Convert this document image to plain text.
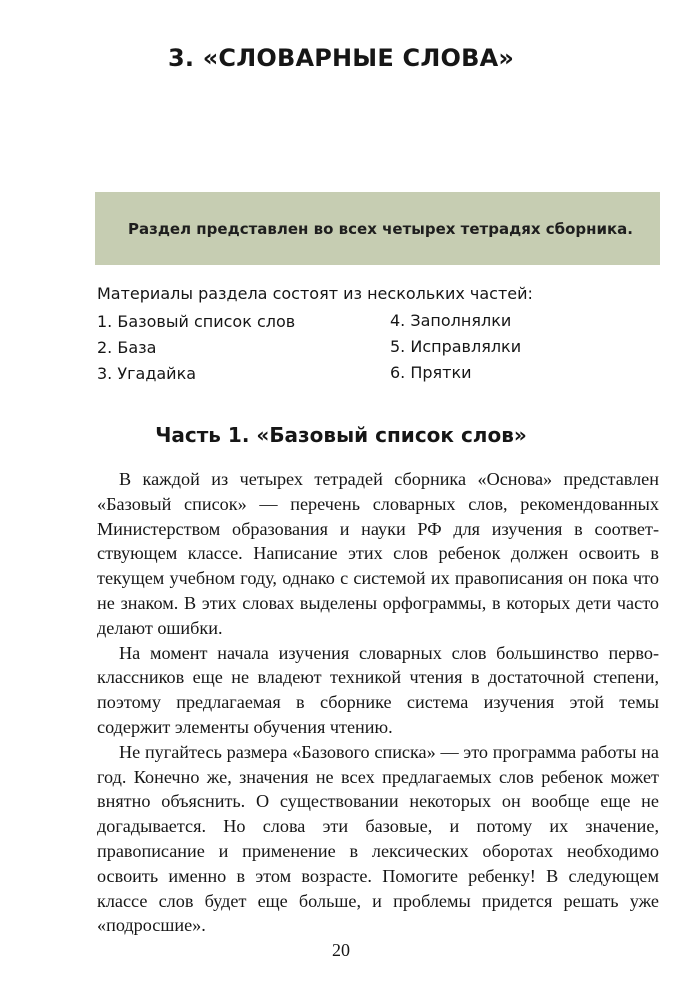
3. «СЛОВАРНЫЕ СЛОВА»
Раздел представлен во всех четырех тетрадях сборника.

Материалы раздела состоят из нескольких частей:

1. Базовый список слов
2. База
3. Угадайка
4. Заполнялки
5. Исправлялки
6. Прятки
Часть 1. «Базовый список слов»

В каждой из четырех тетрадей сборника «Основа» представлен «Базовый список» — перечень словарных слов, рекомендованных Министерством образования и науки РФ для изучения в соответствующем классе. Написание этих слов ребенок должен освоить в текущем учебном году, однако с системой их правописания он пока что не знаком. В этих словах выделены орфограммы, в которых дети часто делают ошибки.

На момент начала изучения словарных слов большинство первоклассников еще не владеют техникой чтения в достаточной степени, поэтому предлагаемая в сборнике система изучения этой темы содержит элементы обучения чтению.

Не пугайтесь размера «Базового списка» — это программа работы на год. Конечно же, значения не всех предлагаемых слов ребенок может внятно объяснить. О существовании некоторых он вообще еще не догадывается. Но слова эти базовые, и потому их значение, правописание и применение в лексических оборотах необходимо освоить именно в этом возрасте. Помогите ребенку! В следующем классе слов будет еще больше, и проблемы придется решать уже «подросшие».

20
